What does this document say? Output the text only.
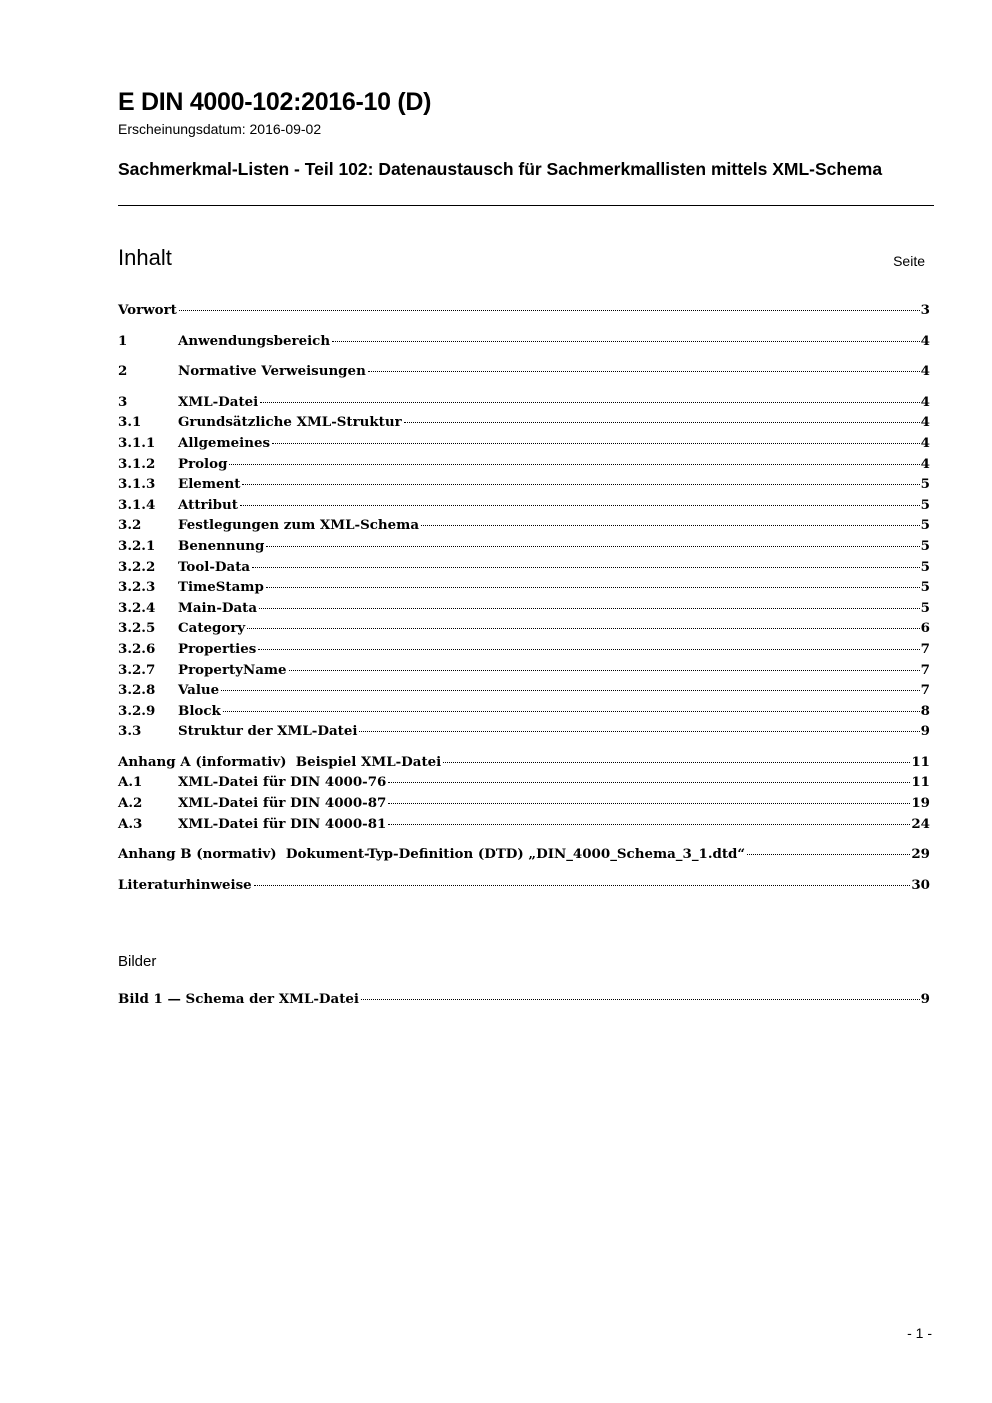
E DIN 4000-102:2016-10 (D)
Erscheinungsdatum: 2016-09-02
Sachmerkmal-Listen - Teil 102: Datenaustausch für Sachmerkmallisten mittels XML-Schema
Inhalt	Seite
Vorwort	3
1	Anwendungsbereich	4
2	Normative Verweisungen	4
3	XML-Datei	4
3.1	Grundsätzliche XML-Struktur	4
3.1.1	Allgemeines	4
3.1.2	Prolog	4
3.1.3	Element	5
3.1.4	Attribut	5
3.2	Festlegungen zum XML-Schema	5
3.2.1	Benennung	5
3.2.2	Tool-Data	5
3.2.3	TimeStamp	5
3.2.4	Main-Data	5
3.2.5	Category	6
3.2.6	Properties	7
3.2.7	PropertyName	7
3.2.8	Value	7
3.2.9	Block	8
3.3	Struktur der XML-Datei	9
Anhang A (informativ)  Beispiel XML-Datei	11
A.1	XML-Datei für DIN 4000-76	11
A.2	XML-Datei für DIN 4000-87	19
A.3	XML-Datei für DIN 4000-81	24
Anhang B (normativ)  Dokument-Typ-Definition (DTD) „DIN_4000_Schema_3_1.dtd“	29
Literaturhinweise	30
Bilder
Bild 1 — Schema der XML-Datei	9
- 1 -
